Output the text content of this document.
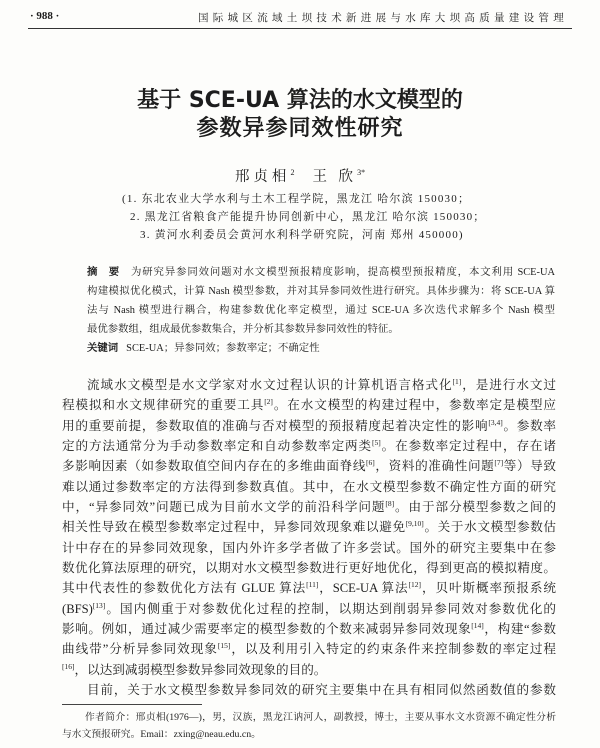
· 988 ·	国际城区流域土坝技术新进展与水库大坝高质量建设管理
基于 SCE-UA 算法的水文模型的
参数异参同效性研究
邢贞相$^2$ 王 欣$^{3*}$
(1. 东北农业大学水利与土木工程学院，黑龙江 哈尔滨 150030；
2. 黑龙江省粮食产能提升协同创新中心，黑龙江 哈尔滨 150030；
3. 黄河水利委员会黄河水利科学研究院，河南 郑州 450000)
摘 要 为研究异参同效问题对水文模型预报精度影响，提高模型预报精度，本文利用 SCE-UA
构建模拟优化模式，计算 Nash 模型参数，并对其异参同效性进行研究。具体步骤为：将 SCE-UA 算
法与 Nash 模型进行耦合，构建参数优化率定模型，通过 SCE-UA 多次迭代求解多个 Nash 模型
最优参数组，组成最优参数集合，并分析其参数异参同效性的特征。
关键词 SCE-UA；异参同效；参数率定；不确定性
流域水文模型是水文学家对水文过程认识的计算机语言格式化[1]，是进行水文过
程模拟和水文规律研究的重要工具[2]。在水文模型的构建过程中，参数率定是模型应
用的重要前提，参数取值的准确与否对模型的预报精度起着决定性的影响[3,4]。参数率
定的方法通常分为手动参数率定和自动参数率定两类[5]。在参数率定过程中，存在诸
多影响因素（如参数取值空间内存在的多维曲面脊线[6]，资料的准确性问题[7]等）导致
难以通过参数率定的方法得到参数真值。其中，在水文模型参数不确定性方面的研究
中，“异参同效”问题已成为目前水文学的前沿科学问题[8]。由于部分模型参数之间的
相关性导致在模型参数率定过程中，异参同效现象难以避免[9,10]。关于水文模型参数估
计中存在的异参同效现象，国内外许多学者做了许多尝试。国外的研究主要集中在参
数优化算法原理的研究，以期对水文模型参数进行更好地优化，得到更高的模拟精度。
其中代表性的参数优化方法有 GLUE 算法[11]，SCE-UA 算法[12]，贝叶斯概率预报系统
(BFS)[13]。国内侧重于对参数优化过程的控制，以期达到削弱异参同效对参数优化的
影响。例如，通过减少需要率定的模型参数的个数来减弱异参同效现象[14]，构建“参数
曲线带”分析异参同效现象[15]，以及利用引入特定的约束条件来控制参数的率定过程
[16]，以达到减弱模型参数异参同效现象的目的。
目前，关于水文模型参数异参同效的研究主要集中在具有相同似然函数值的参数
作者简介：邢贞相(1976—)，男，汉族，黑龙江讷河人，副教授，博士，主要从事水文水资源不确定性分析
与水文预报研究。Email：zxing@neau.edu.cn。
